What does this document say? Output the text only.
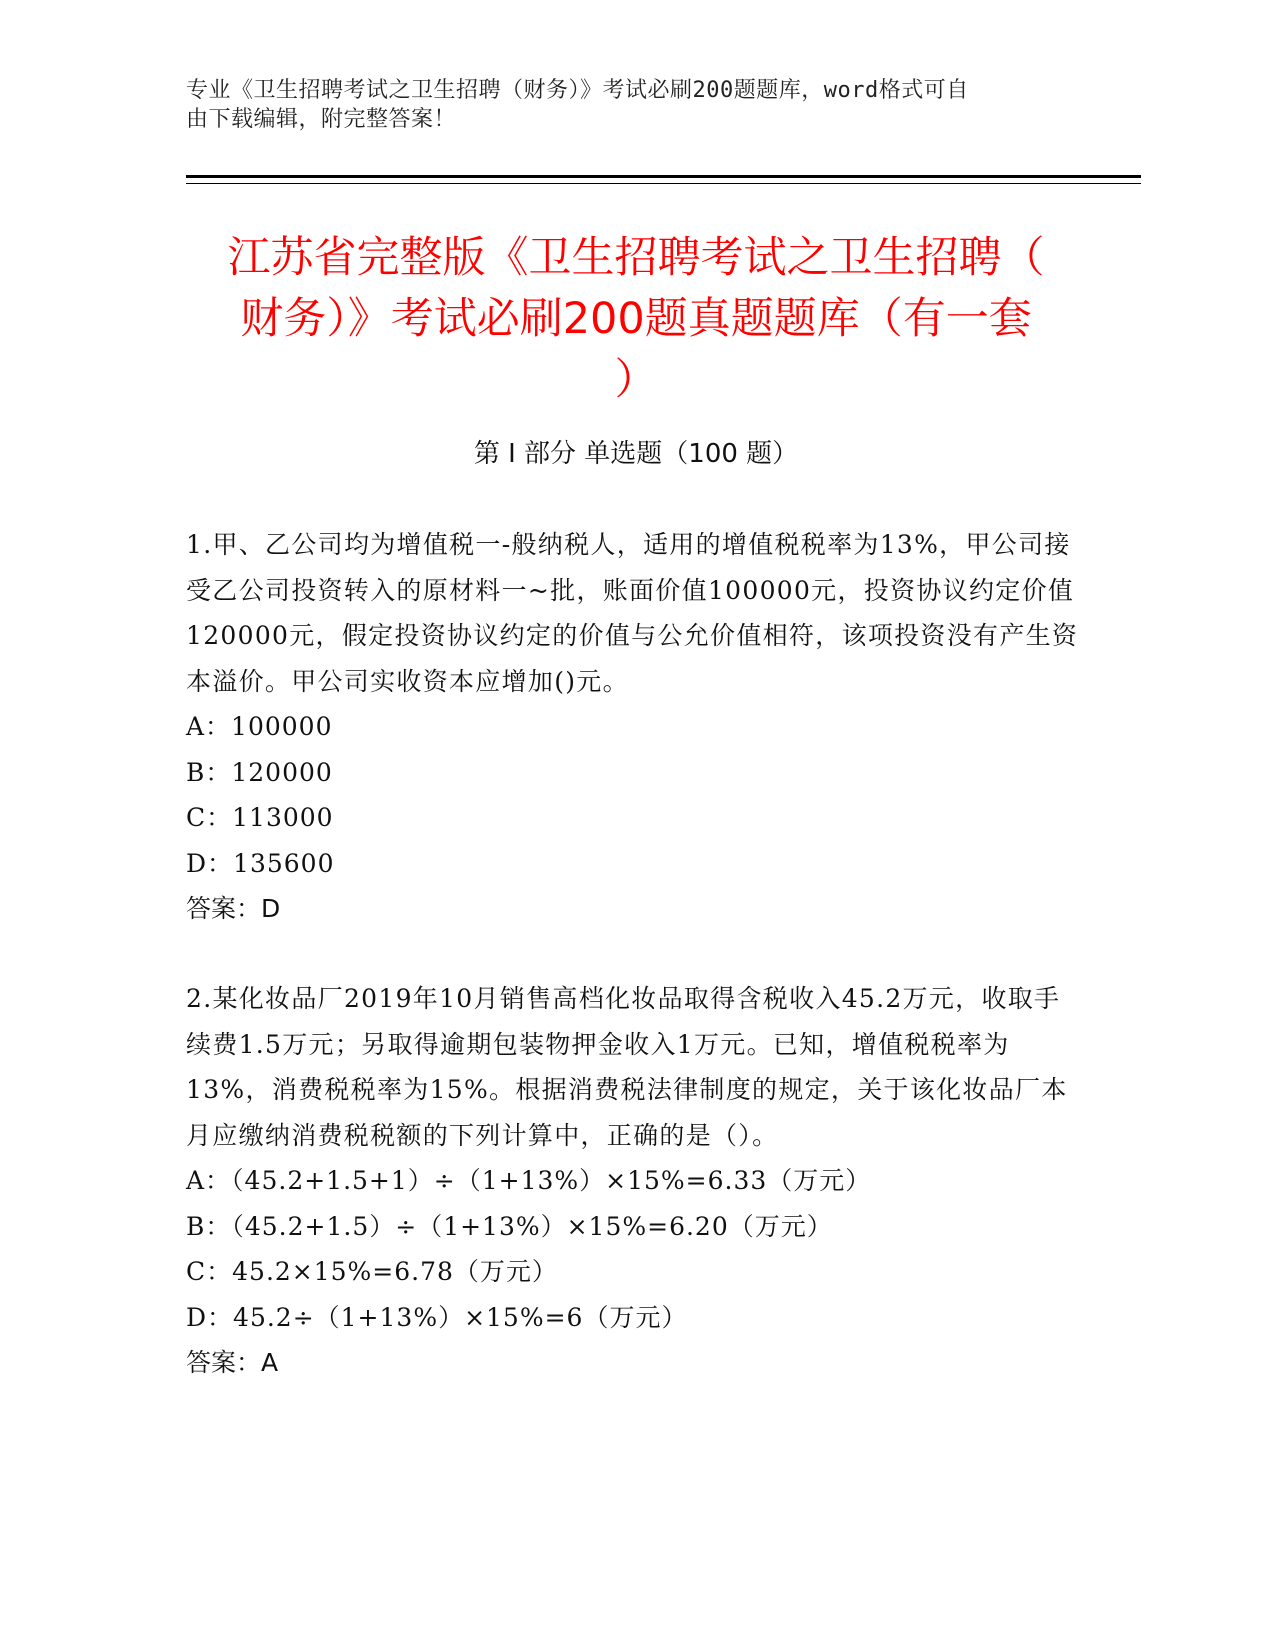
专业《卫生招聘考试之卫生招聘（财务）》考试必刷200题题库，word格式可自
由下载编辑，附完整答案！
江苏省完整版《卫生招聘考试之卫生招聘（
财务）》考试必刷200题真题题库（有一套
）
第 I 部分 单选题（100 题）

1.甲、乙公司均为增值税一-般纳税人，适用的增值税税率为13%，甲公司接受乙公司投资转入的原材料一~批，账面价值100000元，投资协议约定价值120000元，假定投资协议约定的价值与公允价值相符，该项投资没有产生资本溢价。甲公司实收资本应增加()元。

A：100000
B：120000
C：113000
D：135600
答案：D

2.某化妆品厂2019年10月销售高档化妆品取得含税收入45.2万元，收取手续费1.5万元；另取得逾期包装物押金收入1万元。已知，增值税税率为13%，消费税税率为15%。根据消费税法律制度的规定，关于该化妆品厂本月应缴纳消费税税额的下列计算中，正确的是（）。

A：（45.2+1.5+1）÷（1+13%）×15%=6.33（万元）
B：（45.2+1.5）÷（1+13%）×15%=6.20（万元）
C：45.2×15%=6.78（万元）
D：45.2÷（1+13%）×15%=6（万元）
答案：A
